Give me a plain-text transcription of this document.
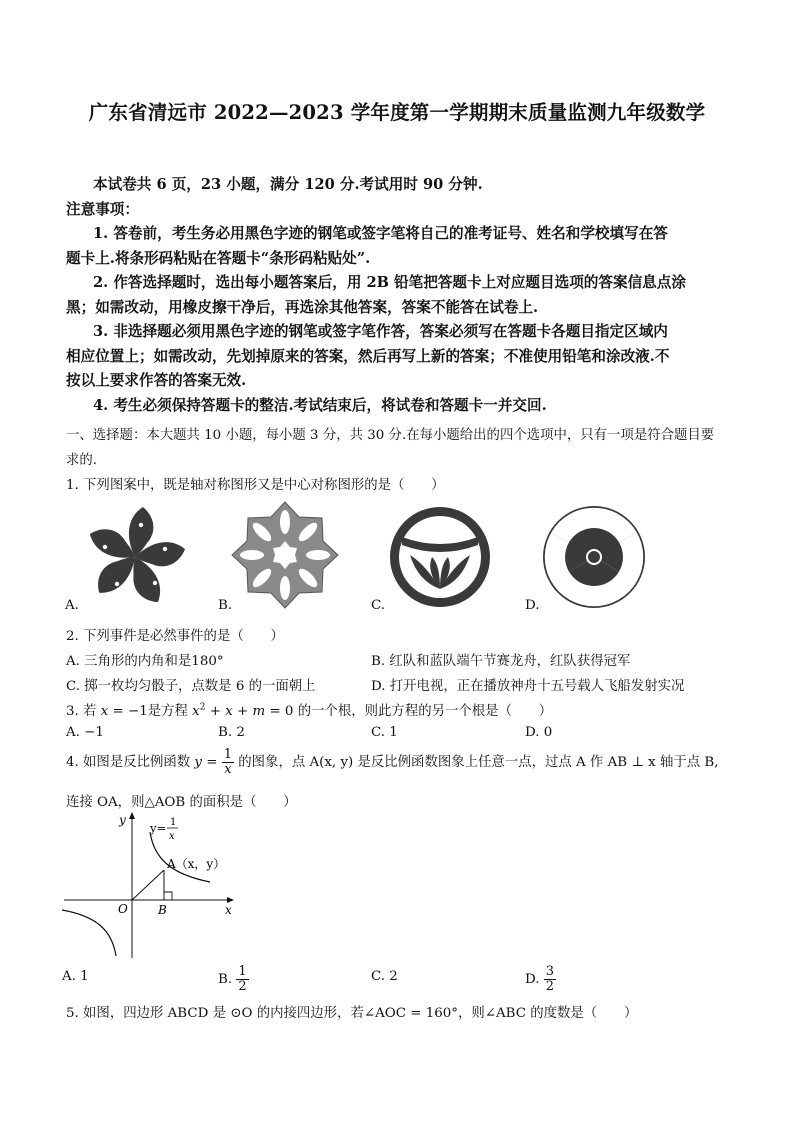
广东省清远市 2022—2023 学年度第一学期期末质量监测九年级数学
本试卷共 6 页，23 小题，满分 120 分.考试用时 90 分钟.
注意事项：
1. 答卷前，考生务必用黑色字迹的钢笔或签字笔将自己的准考证号、姓名和学校填写在答
题卡上.将条形码粘贴在答题卡“条形码粘贴处”.
2. 作答选择题时，选出每小题答案后，用 2B 铅笔把答题卡上对应题目选项的答案信息点涂
黑；如需改动，用橡皮擦干净后，再选涂其他答案，答案不能答在试卷上.
3. 非选择题必须用黑色字迹的钢笔或签字笔作答，答案必须写在答题卡各题目指定区域内
相应位置上；如需改动，先划掉原来的答案，然后再写上新的答案；不准使用铅笔和涂改液.不
按以上要求作答的答案无效.
4. 考生必须保持答题卡的整洁.考试结束后，将试卷和答题卡一并交回.
一、选择题：本大题共 10 小题，每小题 3 分，共 30 分.在每小题给出的四个选项中，只有一项是符合题目要
求的.
1. 下列图案中，既是轴对称图形又是中心对称图形的是（　　）
A.	B.	C.	D.
2. 下列事件是必然事件的是（　　）
A. 三角形的内角和是180°	B. 红队和蓝队端午节赛龙舟，红队获得冠军
C. 掷一枚均匀骰子，点数是 6 的一面朝上	D. 打开电视，正在播放神舟十五号载人飞船发射实况
3. 若 x = −1是方程 $x^2 + x + m = 0$ 的一个根，则此方程的另一个根是（　　）
A. −1	B. 2	C. 1	D. 0
4. 如图是反比例函数 $y = \frac{1}{x}$ 的图象，点 A(x, y) 是反比例函数图象上任意一点，过点 A 作 AB ⊥ x 轴于点 B,
连接 OA，则△AOB 的面积是（　　）
y
x
y= 1
x
A（x，y）
O	B
A. 1	B. $\frac{1}{2}$	C. 2	D. $\frac{3}{2}$
5. 如图，四边形 ABCD 是 ⊙O 的内接四边形，若∠AOC = 160°，则∠ABC 的度数是（　　）
